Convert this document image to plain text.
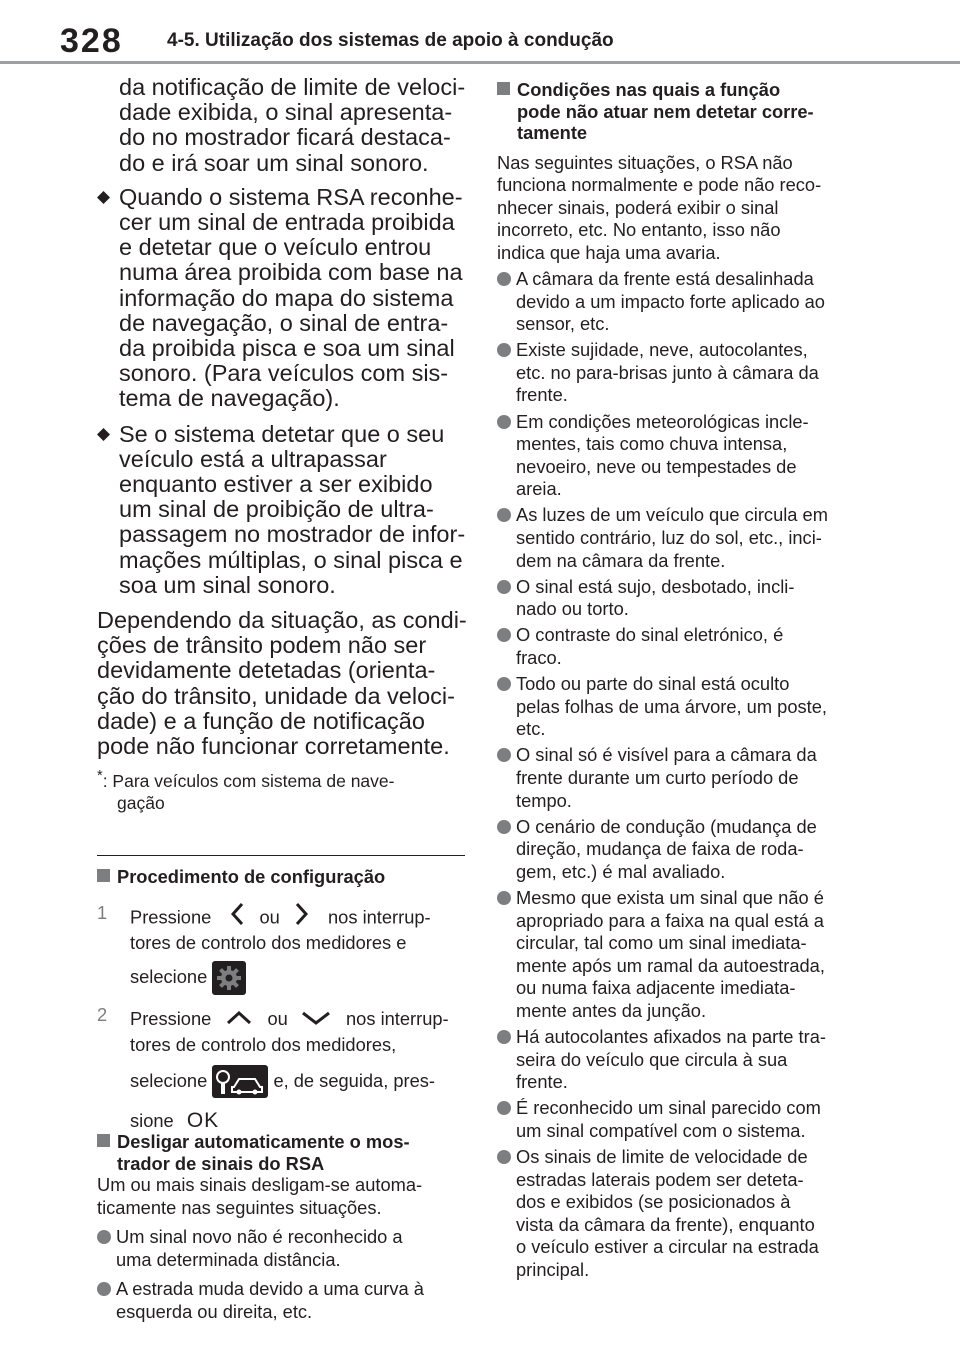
328 4-5. Utilização dos sistemas de apoio à condução
da notificação de limite de veloci-
dade exibida, o sinal apresenta-
do no mostrador ficará destaca-
do e irá soar um sinal sonoro.
Quando o sistema RSA reconhe-
cer um sinal de entrada proibida
e detetar que o veículo entrou
numa área proibida com base na
informação do mapa do sistema
de navegação, o sinal de entra-
da proibida pisca e soa um sinal
sonoro. (Para veículos com sis-
tema de navegação).
Se o sistema detetar que o seu
veículo está a ultrapassar
enquanto estiver a ser exibido
um sinal de proibição de ultra-
passagem no mostrador de infor-
mações múltiplas, o sinal pisca e
soa um sinal sonoro.
Dependendo da situação, as condi-
ções de trânsito podem não ser
devidamente detetadas (orienta-
ção do trânsito, unidade da veloci-
dade) e a função de notificação
pode não funcionar corretamente.
*: Para veículos com sistema de nave-
gação
Procedimento de configuração
1 Pressione	ou	nos interrup-
tores de controlo dos medidores e
selecione
2 Pressione	ou	nos interrup-
tores de controlo dos medidores,
selecione	e, de seguida, pres-
sione OK
Desligar automaticamente o mos-
trador de sinais do RSA
Um ou mais sinais desligam-se automa-
ticamente nas seguintes situações.
Um sinal novo não é reconhecido a
uma determinada distância.
A estrada muda devido a uma curva à
esquerda ou direita, etc.
Condições nas quais a função
pode não atuar nem detetar corre-
tamente
Nas seguintes situações, o RSA não
funciona normalmente e pode não reco-
nhecer sinais, poderá exibir o sinal
incorreto, etc. No entanto, isso não
indica que haja uma avaria.
A câmara da frente está desalinhada
devido a um impacto forte aplicado ao
sensor, etc.
Existe sujidade, neve, autocolantes,
etc. no para-brisas junto à câmara da
frente.
Em condições meteorológicas incle-
mentes, tais como chuva intensa,
nevoeiro, neve ou tempestades de
areia.
As luzes de um veículo que circula em
sentido contrário, luz do sol, etc., inci-
dem na câmara da frente.
O sinal está sujo, desbotado, incli-
nado ou torto.
O contraste do sinal eletrónico, é
fraco.
Todo ou parte do sinal está oculto
pelas folhas de uma árvore, um poste,
etc.
O sinal só é visível para a câmara da
frente durante um curto período de
tempo.
O cenário de condução (mudança de
direção, mudança de faixa de roda-
gem, etc.) é mal avaliado.
Mesmo que exista um sinal que não é
apropriado para a faixa na qual está a
circular, tal como um sinal imediata-
mente após um ramal da autoestrada,
ou numa faixa adjacente imediata-
mente antes da junção.
Há autocolantes afixados na parte tra-
seira do veículo que circula à sua
frente.
É reconhecido um sinal parecido com
um sinal compatível com o sistema.
Os sinais de limite de velocidade de
estradas laterais podem ser deteta-
dos e exibidos (se posicionados à
vista da câmara da frente), enquanto
o veículo estiver a circular na estrada
principal.
